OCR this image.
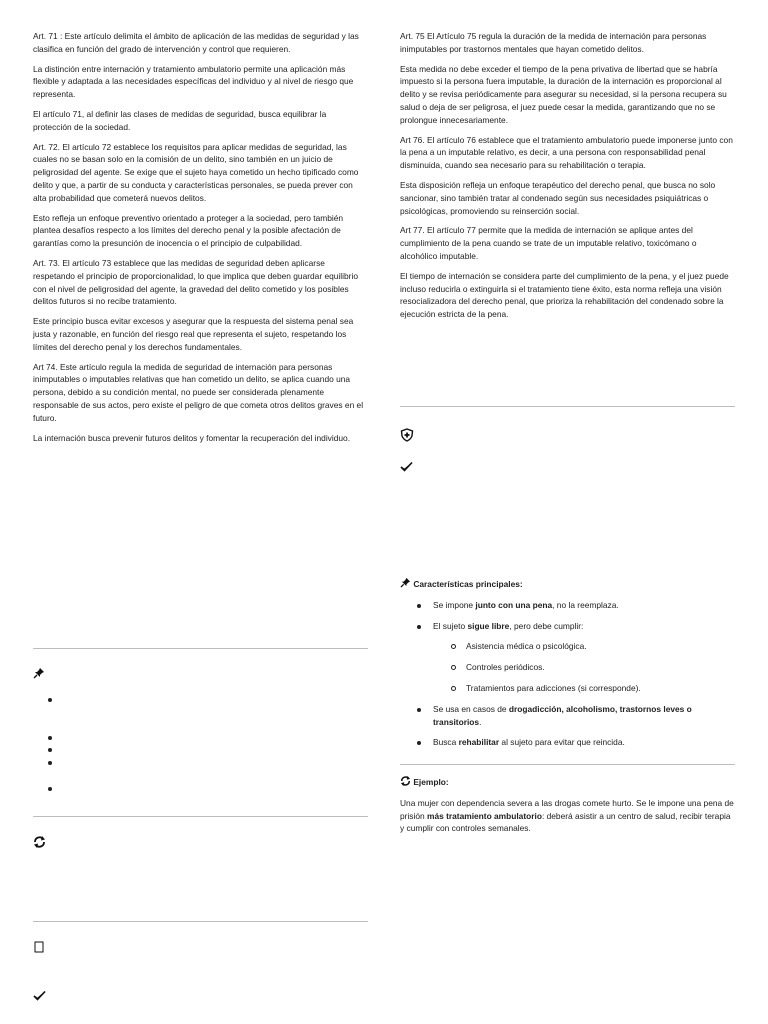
Art. 71 : Este artículo delimita el ámbito de aplicación de las medidas de seguridad y las clasifica en función del grado de intervención y control que requieren.

La distinción entre internación y tratamiento ambulatorio permite una aplicación más flexible y adaptada a las necesidades específicas del individuo y al nivel de riesgo que representa.

El artículo 71, al definir las clases de medidas de seguridad, busca equilibrar la protección de la sociedad.

Art. 72. El artículo 72 establece los requisitos para aplicar medidas de seguridad, las cuales no se basan solo en la comisión de un delito, sino también en un juicio de peligrosidad del agente. Se exige que el sujeto haya cometido un hecho tipificado como delito y que, a partir de su conducta y características personales, se pueda prever con alta probabilidad que cometerá nuevos delitos.

Esto refleja un enfoque preventivo orientado a proteger a la sociedad, pero también plantea desafíos respecto a los límites del derecho penal y la posible afectación de garantías como la presunción de inocencia o el principio de culpabilidad.

Art. 73. El artículo 73 establece que las medidas de seguridad deben aplicarse respetando el principio de proporcionalidad, lo que implica que deben guardar equilibrio con el nivel de peligrosidad del agente, la gravedad del delito cometido y los posibles delitos futuros si no recibe tratamiento.

Este principio busca evitar excesos y asegurar que la respuesta del sistema penal sea justa y razonable, en función del riesgo real que representa el sujeto, respetando los límites del derecho penal y los derechos fundamentales.

Art 74. Este artículo regula la medida de seguridad de internación para personas inimputables o imputables relativas que han cometido un delito, se aplica cuando una persona, debido a su condición mental, no puede ser considerada plenamente responsable de sus actos, pero existe el peligro de que cometa otros delitos graves en el futuro.

La internación busca prevenir futuros delitos y fomentar la recuperación del individuo.

Art. 75 El Artículo 75 regula la duración de la medida de internación para personas inimputables por trastornos mentales que hayan cometido delitos.

Esta medida no debe exceder el tiempo de la pena privativa de libertad que se habría impuesto si la persona fuera imputable, la duración de la internación es proporcional al delito y se revisa periódicamente para asegurar su necesidad, si la persona recupera su salud o deja de ser peligrosa, el juez puede cesar la medida, garantizando que no se prolongue innecesariamente.

Art 76. El artículo 76 establece que el tratamiento ambulatorio puede imponerse junto con la pena a un imputable relativo, es decir, a una persona con responsabilidad penal disminuida, cuando sea necesario para su rehabilitación o terapia.

Esta disposición refleja un enfoque terapéutico del derecho penal, que busca no solo sancionar, sino también tratar al condenado según sus necesidades psiquiátricas o psicológicas, promoviendo su reinserción social.

Art 77. El artículo 77 permite que la medida de internación se aplique antes del cumplimiento de la pena cuando se trate de un imputable relativo, toxicómano o alcohólico imputable.

El tiempo de internación se considera parte del cumplimiento de la pena, y el juez puede incluso reducirla o extinguirla si el tratamiento tiene éxito, esta norma refleja una visión resocializadora del derecho penal, que prioriza la rehabilitación del condenado sobre la ejecución estricta de la pena.

Características principales:
Se impone junto con una pena, no la reemplaza.
El sujeto sigue libre, pero debe cumplir:
Asistencia médica o psicológica.
Controles periódicos.
Tratamientos para adicciones (si corresponde).
Se usa en casos de drogadicción, alcoholismo, trastornos leves o transitorios.
Busca rehabilitar al sujeto para evitar que reincida.
Ejemplo:
Una mujer con dependencia severa a las drogas comete hurto. Se le impone una pena de prisión más tratamiento ambulatorio: deberá asistir a un centro de salud, recibir terapia y cumplir con controles semanales.
